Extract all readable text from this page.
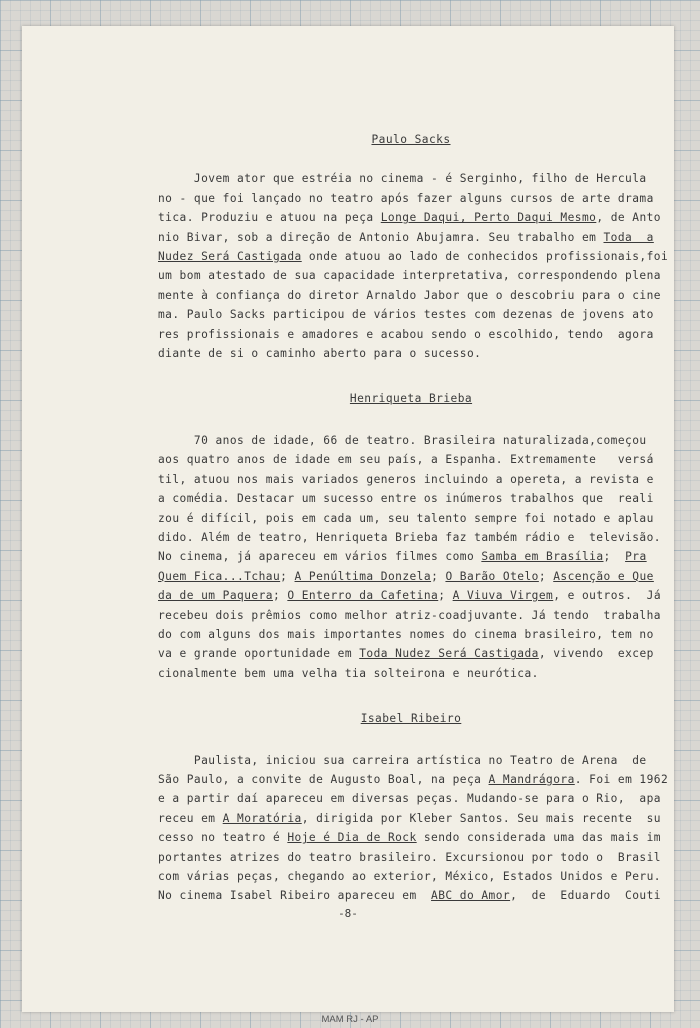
Paulo Sacks

Jovem ator que estréia no cinema - é Serginho, filho de Hercula
no - que foi lançado no teatro após fazer alguns cursos de arte drama
tica. Produziu e atuou na peça Longe Daqui, Perto Daqui Mesmo, de Anto
nio Bivar, sob a direção de Antonio Abujamra. Seu trabalho em Toda  a
Nudez Será Castigada onde atuou ao lado de conhecidos profissionais,foi
um bom atestado de sua capacidade interpretativa, correspondendo plena
mente à confiança do diretor Arnaldo Jabor que o descobriu para o cine
ma. Paulo Sacks participou de vários testes com dezenas de jovens ato
res profissionais e amadores e acabou sendo o escolhido, tendo  agora
diante de si o caminho aberto para o sucesso.

Henriqueta Brieba

70 anos de idade, 66 de teatro. Brasileira naturalizada,começou
aos quatro anos de idade em seu país, a Espanha. Extremamente   versá
til, atuou nos mais variados generos incluindo a opereta, a revista e
a comédia. Destacar um sucesso entre os inúmeros trabalhos que  reali
zou é difícil, pois em cada um, seu talento sempre foi notado e aplau
dido. Além de teatro, Henriqueta Brieba faz também rádio e  televisão.
No cinema, já apareceu em vários filmes como Samba em Brasília;  Pra
Quem Fica...Tchau; A Penúltima Donzela; O Barão Otelo; Ascenção e Que
da de um Paquera; O Enterro da Cafetina; A Viuva Virgem, e outros.  Já
recebeu dois prêmios como melhor atriz-coadjuvante. Já tendo  trabalha
do com alguns dos mais importantes nomes do cinema brasileiro, tem no
va e grande oportunidade em Toda Nudez Será Castigada, vivendo  excep
cionalmente bem uma velha tia solteirona e neurótica.

Isabel Ribeiro

Paulista, iniciou sua carreira artística no Teatro de Arena  de
São Paulo, a convite de Augusto Boal, na peça A Mandrágora. Foi em 1962
e a partir daí apareceu em diversas peças. Mudando-se para o Rio,  apa
receu em A Moratória, dirigida por Kleber Santos. Seu mais recente  su
cesso no teatro é Hoje é Dia de Rock sendo considerada uma das mais im
portantes atrizes do teatro brasileiro. Excursionou por todo o  Brasil
com várias peças, chegando ao exterior, México, Estados Unidos e Peru.
No cinema Isabel Ribeiro apareceu em  ABC do Amor,  de  Eduardo  Couti
-8-
MAM RJ - AP
